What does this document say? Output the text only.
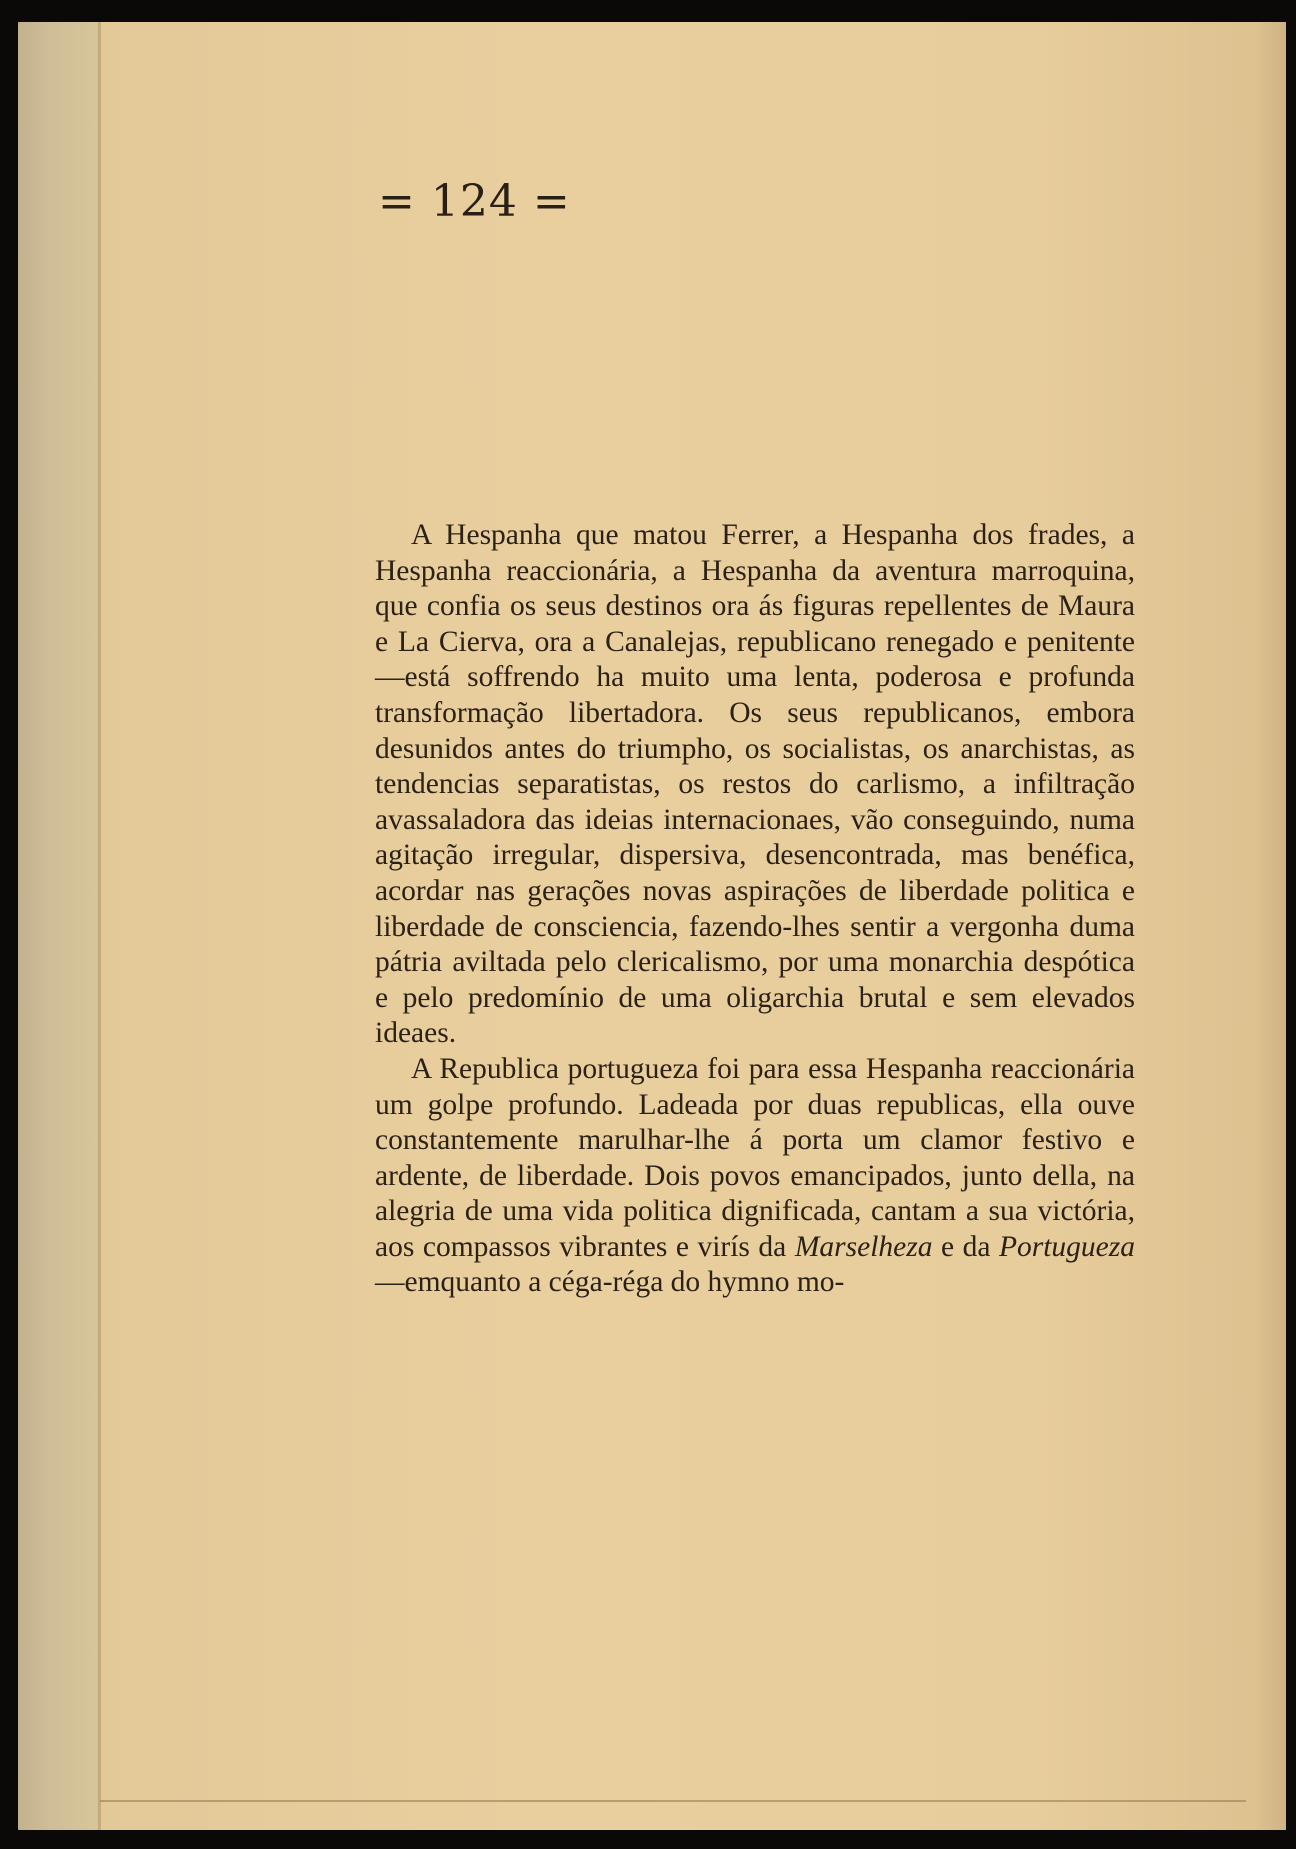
= 124 =

A Hespanha que matou Ferrer, a Hespanha dos frades, a Hespanha reaccionária, a Hespanha da aventura marroquina, que confia os seus destinos ora ás figuras repellentes de Maura e La Cierva, ora a Canalejas, republicano renegado e penitente —está soffrendo ha muito uma lenta, poderosa e profunda transformação libertadora. Os seus republicanos, embora desunidos antes do triumpho, os socialistas, os anarchistas, as tendencias separatistas, os restos do carlismo, a infiltração avassaladora das ideias internacionaes, vão conseguindo, numa agitação irregular, dispersiva, desencontrada, mas benéfica, acordar nas gerações novas aspirações de liberdade politica e liberdade de consciencia, fazendo-lhes sentir a vergonha duma pátria aviltada pelo clericalismo, por uma monarchia despótica e pelo predomínio de uma oligarchia brutal e sem elevados ideaes.

A Republica portugueza foi para essa Hespanha reaccionária um golpe profundo. Ladeada por duas republicas, ella ouve constantemente marulhar-lhe á porta um clamor festivo e ardente, de liberdade. Dois povos emancipados, junto della, na alegria de uma vida politica dignificada, cantam a sua victória, aos compassos vibrantes e virís da Marselheza e da Portugueza —emquanto a céga-réga do hymno mo-
